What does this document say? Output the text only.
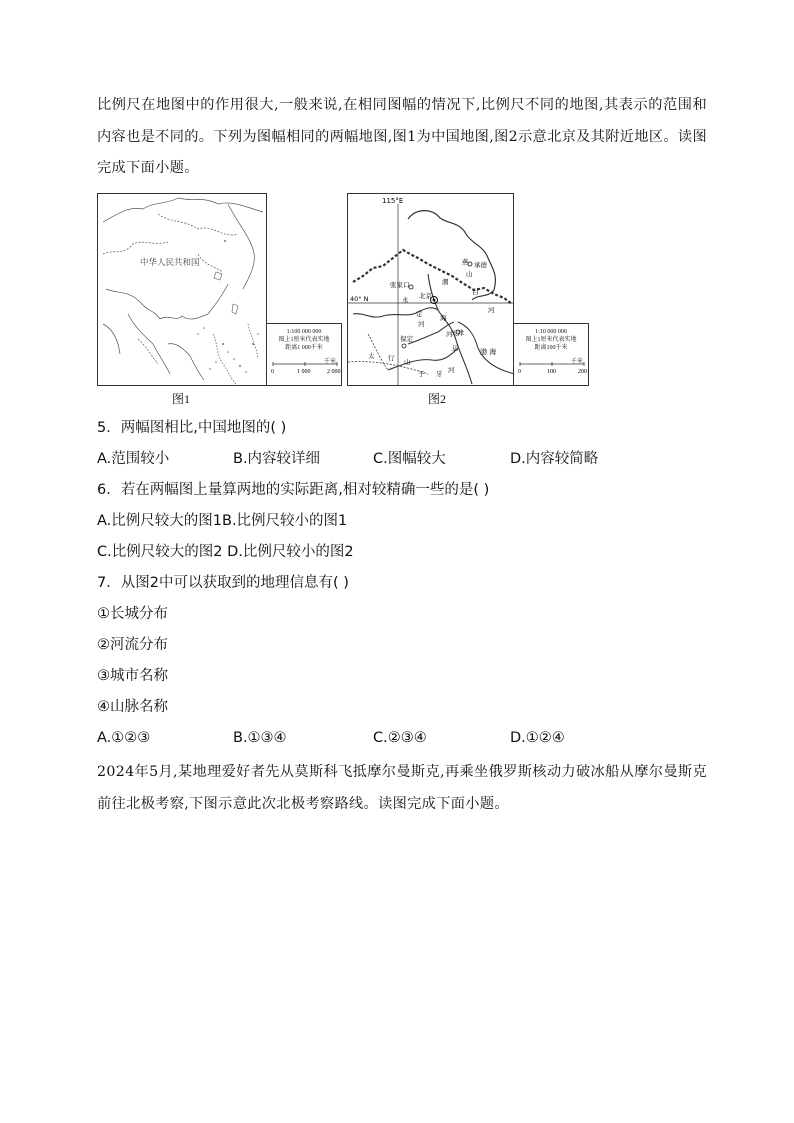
比例尺在地图中的作用很大,一般来说,在相同图幅的情况下,比例尺不同的地图,其表示的范围和内容也是不同的。下列为图幅相同的两幅地图,图1为中国地图,图2示意北京及其附近地区。读图完成下面小题。

中华人民共和国
1:100 000 000
图上1厘米代表实地
距离1 000千米
千米
0	1 000	2 000
图1
115°E
40° N
承德
张家口
北京
天津
保定
永
定
河
潮
白
河
海
河
子 牙 河
运
太 行 山
燕
山
渤 海
1:10 000 000
图上1厘米代表实地
距离100千米
千米
0	100	200
图2
5．两幅图相比,中国地图的( )
A.范围较小	B.内容较详细	C.图幅较大	D.内容较简略
6．若在两幅图上量算两地的实际距离,相对较精确一些的是( )
A.比例尺较大的图1B.比例尺较小的图1
C.比例尺较大的图2 D.比例尺较小的图2
7．从图2中可以获取到的地理信息有( )
①长城分布
②河流分布
③城市名称
④山脉名称
A.①②③	B.①③④	C.②③④	D.①②④

2024年5月,某地理爱好者先从莫斯科飞抵摩尔曼斯克,再乘坐俄罗斯核动力破冰船从摩尔曼斯克前往北极考察,下图示意此次北极考察路线。读图完成下面小题。
